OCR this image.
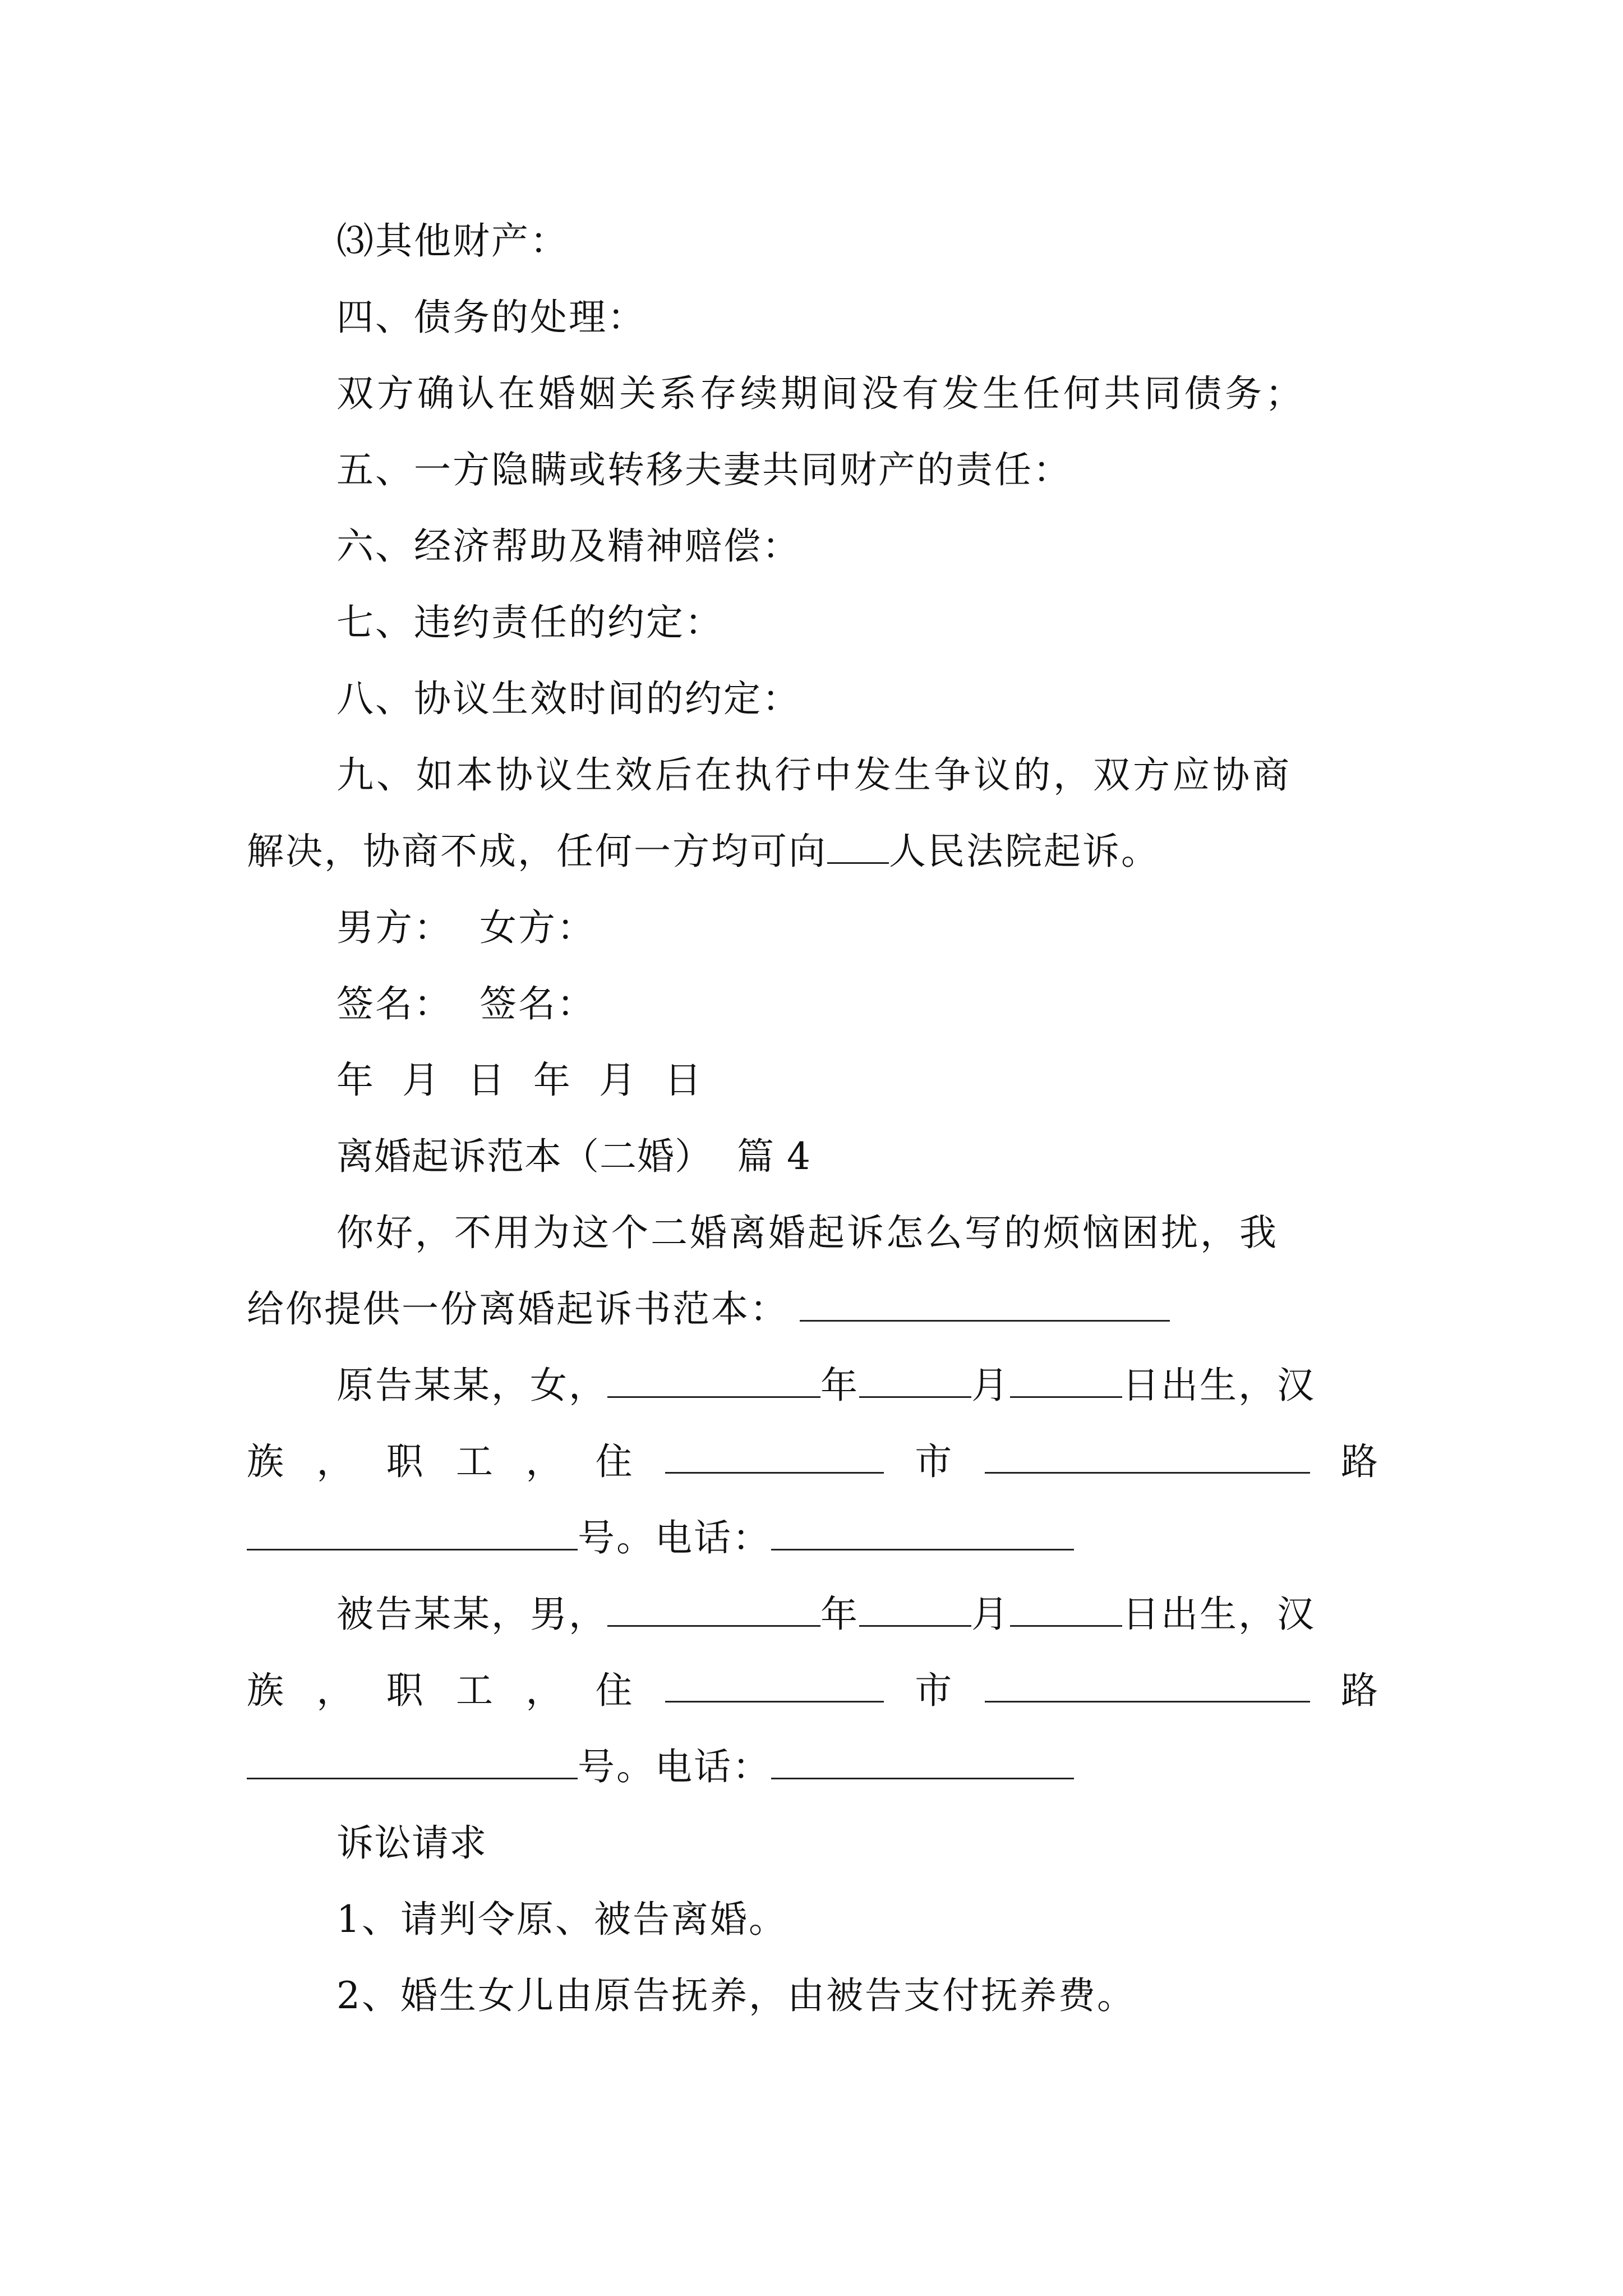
⑶其他财产：
四、债务的处理：
双方确认在婚姻关系存续期间没有发生任何共同债务；
五、一方隐瞒或转移夫妻共同财产的责任：
六、经济帮助及精神赔偿：
七、违约责任的约定：
八、协议生效时间的约定：
九、如本协议生效后在执行中发生争议的，双方应协商
解决，协商不成，任何一方均可向 人民法院起诉。
男方：  女方：
签名：  签名：
年  月  日  年  月  日
离婚起诉范本（二婚）  篇 4
你好，不用为这个二婚离婚起诉怎么写的烦恼困扰，我
给你提供一份离婚起诉书范本：
原告某某，女，	年	月	日出生，汉
族 ， 职 工 ， 住	市	路
号。电话：
被告某某，男，	年	月	日出生，汉
族 ， 职 工 ， 住	市	路
号。电话：
诉讼请求
1、请判令原、被告离婚。
2、婚生女儿由原告抚养，由被告支付抚养费。
